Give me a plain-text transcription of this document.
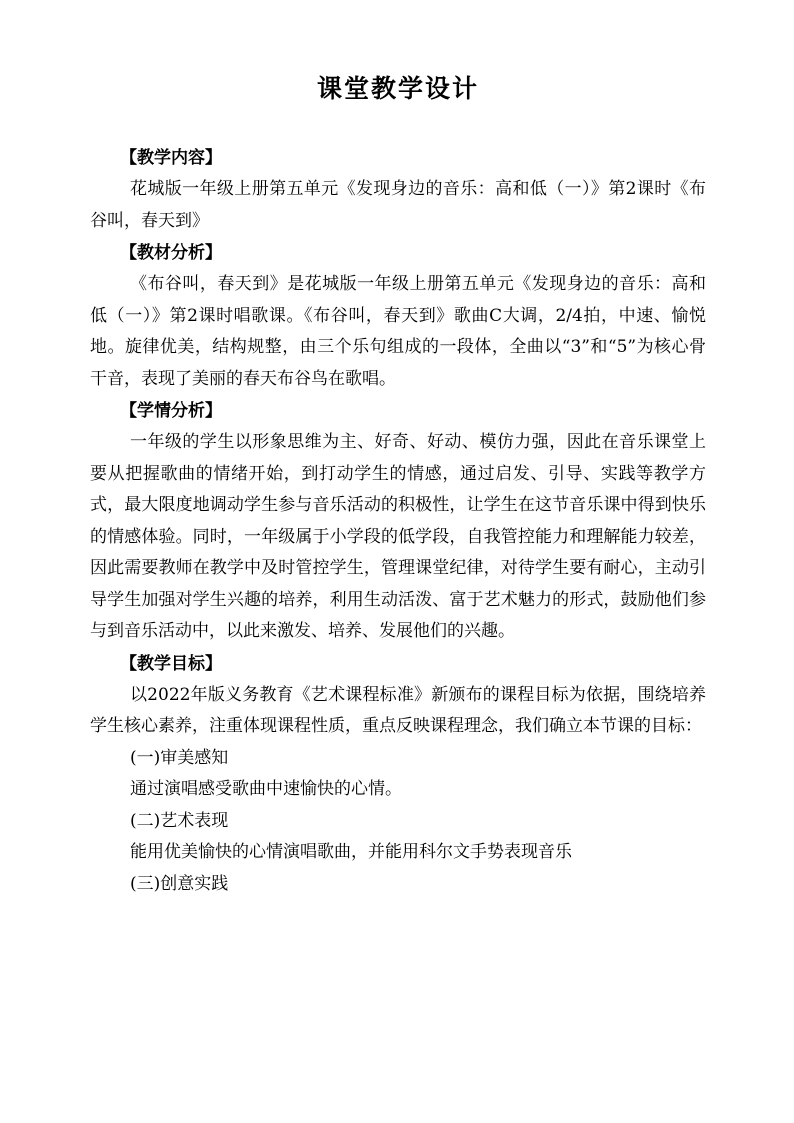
课堂教学设计

【教学内容】

花城版一年级上册第五单元《发现身边的音乐：高和低（一）》第2课时《布谷叫，春天到》

【教材分析】

《布谷叫，春天到》是花城版一年级上册第五单元《发现身边的音乐：高和低（一）》第2课时唱歌课。《布谷叫，春天到》歌曲C大调，2/4拍，中速、愉悦地。旋律优美，结构规整，由三个乐句组成的一段体，全曲以“3”和“5”为核心骨干音，表现了美丽的春天布谷鸟在歌唱。

【学情分析】

一年级的学生以形象思维为主、好奇、好动、模仿力强，因此在音乐课堂上要从把握歌曲的情绪开始，到打动学生的情感，通过启发、引导、实践等教学方式，最大限度地调动学生参与音乐活动的积极性，让学生在这节音乐课中得到快乐的情感体验。同时，一年级属于小学段的低学段，自我管控能力和理解能力较差，因此需要教师在教学中及时管控学生，管理课堂纪律，对待学生要有耐心，主动引导学生加强对学生兴趣的培养，利用生动活泼、富于艺术魅力的形式，鼓励他们参与到音乐活动中，以此来激发、培养、发展他们的兴趣。

【教学目标】

以2022年版义务教育《艺术课程标准》新颁布的课程目标为依据，围绕培养学生核心素养，注重体现课程性质，重点反映课程理念，我们确立本节课的目标：

(一)审美感知

通过演唱感受歌曲中速愉快的心情。

(二)艺术表现

能用优美愉快的心情演唱歌曲，并能用科尔文手势表现音乐

(三)创意实践
